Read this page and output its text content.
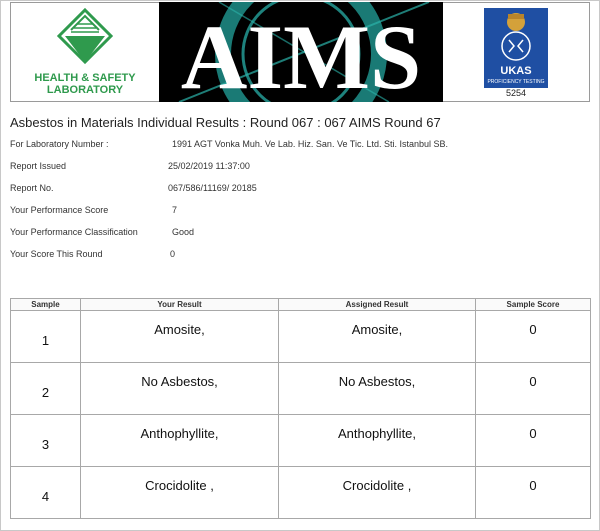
HEALTH & SAFETY
LABORATORY AIMS	UKAS
PROFICIENCY TESTING
5254
Asbestos in Materials Individual Results : Round 067 : 067 AIMS Round 67
For Laboratory Number :	1991 AGT Vonka Muh. Ve Lab. Hiz. San. Ve Tic. Ltd. Sti. Istanbul SB.
Report Issued	25/02/2019 11:37:00
Report No.	067/586/11169/ 20185
Your Performance Score	7
Your Performance Classification	Good
Your Score This Round	0
Sample	Your Result	Assigned Result	Sample Score
1	Amosite,	Amosite,	0
2	No Asbestos,	No Asbestos,	0
3	Anthophyllite,	Anthophyllite,	0
4	Crocidolite ,	Crocidolite ,	0
